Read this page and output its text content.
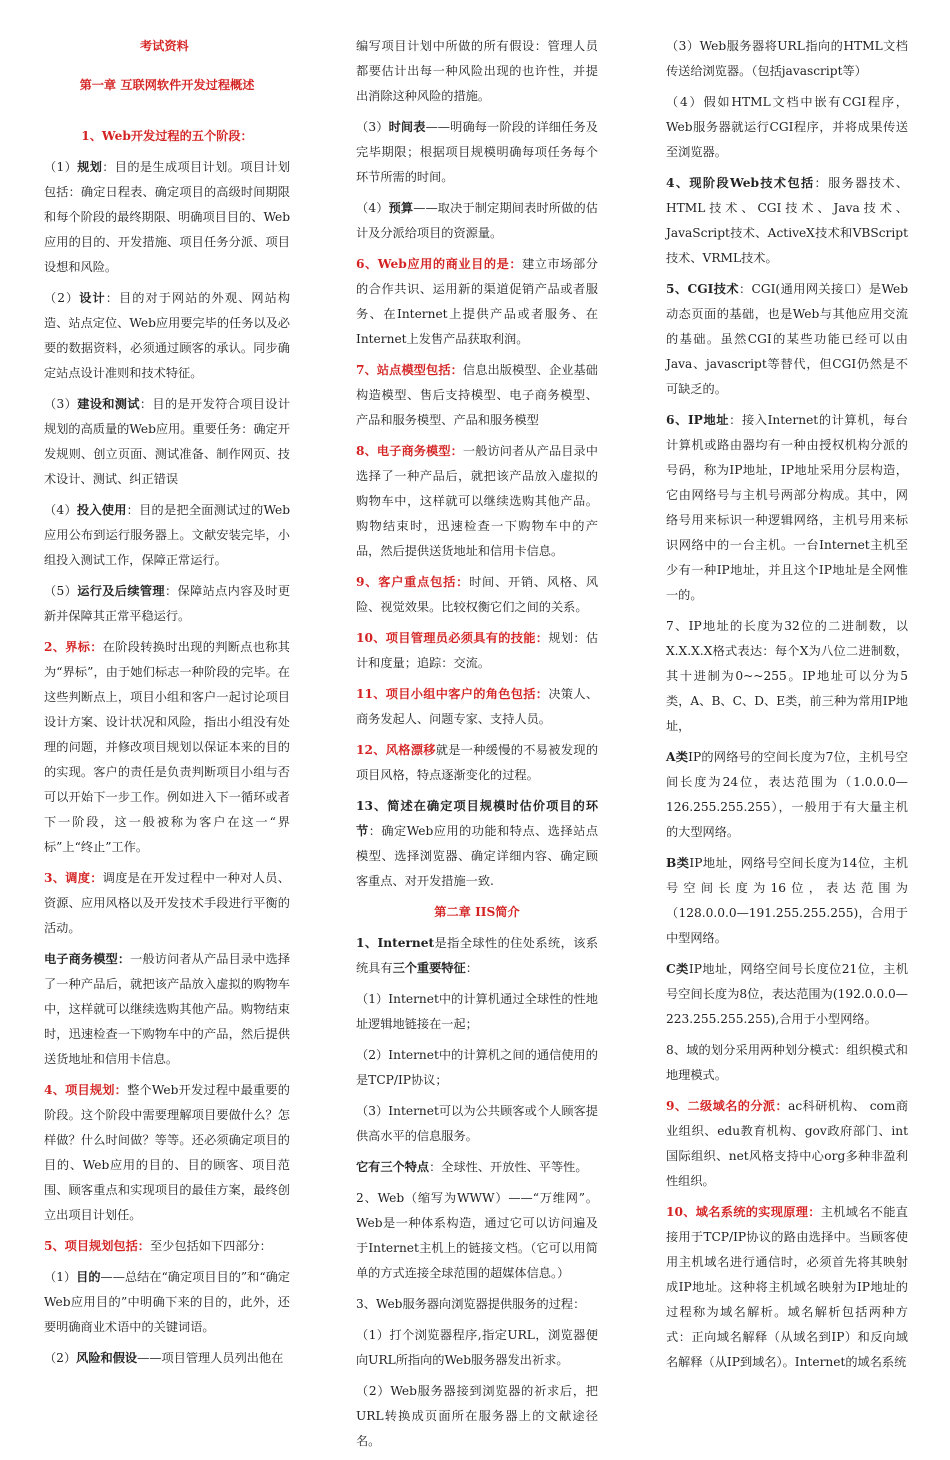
考试资料
第一章 互联网软件开发过程概述
1、Web开发过程的五个阶段：

（1）规划：目的是生成项目计划。项目计划包括：确定日程表、确定项目的高级时间期限和每个阶段的最终期限、明确项目目的、Web应用的目的、开发措施、项目任务分派、项目设想和风险。

（2）设计：目的对于网站的外观、网站构造、站点定位、Web应用要完毕的任务以及必要的数据资料，必须通过顾客的承认。同步确定站点设计准则和技术特征。

（3）建设和测试：目的是开发符合项目设计规划的高质量的Web应用。重要任务：确定开发规则、创立页面、测试准备、制作网页、技术设计、测试、纠正错误

（4）投入使用：目的是把全面测试过的Web应用公布到运行服务器上。文献安装完毕，小组投入测试工作，保障正常运行。

（5）运行及后续管理：保障站点内容及时更新并保障其正常平稳运行。

2、界标：在阶段转换时出现的判断点也称其为“界标”，由于她们标志一种阶段的完毕。在这些判断点上，项目小组和客户一起讨论项目设计方案、设计状况和风险，指出小组没有处理的问题，并修改项目规划以保证本来的目的的实现。客户的责任是负责判断项目小组与否可以开始下一步工作。例如进入下一循环或者下一阶段，这一般被称为客户在这一“界标”上“终止”工作。

3、调度：调度是在开发过程中一种对人员、资源、应用风格以及开发技术手段进行平衡的活动。

电子商务模型：一般访问者从产品目录中选择了一种产品后，就把该产品放入虚拟的购物车中，这样就可以继续选购其他产品。购物结束时，迅速检查一下购物车中的产品，然后提供送货地址和信用卡信息。

4、项目规划：整个Web开发过程中最重要的阶段。这个阶段中需要理解项目要做什么？怎样做？什么时间做？等等。还必须确定项目的目的、Web应用的目的、目的顾客、项目范围、顾客重点和实现项目的最佳方案，最终创立出项目计划任。

5、项目规划包括：至少包括如下四部分：

（1）目的——总结在“确定项目目的”和“确定Web应用目的”中明确下来的目的，此外，还要明确商业术语中的关键词语。

（2）风险和假设——项目管理人员列出他在

编写项目计划中所做的所有假设：管理人员都要估计出每一种风险出现的也许性，并提出消除这种风险的措施。

（3）时间表——明确每一阶段的详细任务及完毕期限；根据项目规模明确每项任务每个环节所需的时间。

（4）预算——取决于制定期间表时所做的估计及分派给项目的资源量。

6、Web应用的商业目的是：建立市场部分的合作共识、运用新的渠道促销产品或者服务、在Internet上提供产品或者服务、在Internet上发售产品获取利润。

7、站点模型包括：信息出版模型、企业基础构造模型、售后支持模型、电子商务模型、产品和服务模型、产品和服务模型

8、电子商务模型：一般访问者从产品目录中选择了一种产品后，就把该产品放入虚拟的购物车中，这样就可以继续选购其他产品。购物结束时，迅速检查一下购物车中的产品，然后提供送货地址和信用卡信息。

9、客户重点包括：时间、开销、风格、风险、视觉效果。比较权衡它们之间的关系。

10、项目管理员必须具有的技能：规划：估计和度量；追踪：交流。

11、项目小组中客户的角色包括：决策人、商务发起人、问题专家、支持人员。

12、风格漂移就是一种缓慢的不易被发现的项目风格，特点逐渐变化的过程。

13、简述在确定项目规模时估价项目的环节：确定Web应用的功能和特点、选择站点模型、选择浏览器、确定详细内容、确定顾客重点、对开发措施一致.

第二章 IIS简介

1、Internet是指全球性的住处系统，该系统具有三个重要特征：

（1）Internet中的计算机通过全球性的性地址逻辑地链接在一起；

（2）Internet中的计算机之间的通信使用的是TCP/IP协议；

（3）Internet可以为公共顾客或个人顾客提供高水平的信息服务。

它有三个特点：全球性、开放性、平等性。

2、Web（缩写为WWW）——“万维网”。Web是一种体系构造，通过它可以访问遍及于Internet主机上的链接文档。（它可以用简单的方式连接全球范围的超媒体信息。）

3、Web服务器向浏览器提供服务的过程：

（1）打个浏览器程序,指定URL，浏览器便向URL所指向的Web服务器发出祈求。

（2）Web服务器接到浏览器的祈求后，把URL转换成页面所在服务器上的文献途径名。

（3）Web服务器将URL指向的HTML文档传送给浏览器。（包括javascript等）

（4）假如HTML文档中嵌有CGI程序，Web服务器就运行CGI程序，并将成果传送至浏览器。

4、现阶段Web技术包括：服务器技术、HTML技术、CGI技术、Java技术、JavaScript技术、ActiveX技术和VBScript技术、VRML技术。

5、CGI技术：CGI(通用网关接口）是Web动态页面的基础，也是Web与其他应用交流的基础。虽然CGI的某些功能已经可以由Java、javascript等替代，但CGI仍然是不可缺乏的。

6、IP地址：接入Internet的计算机，每台计算机或路由器均有一种由授权机构分派的号码，称为IP地址，IP地址采用分层构造，它由网络号与主机号两部分构成。其中，网络号用来标识一种逻辑网络，主机号用来标识网络中的一台主机。一台Internet主机至少有一种IP地址，并且这个IP地址是全网惟一的。

7、IP地址的长度为32位的二进制数，以X.X.X.X格式表达：每个X为八位二进制数，其十进制为0~~255。IP地址可以分为5类，A、B、C、D、E类，前三种为常用IP地址，

A类IP的网络号的空间长度为7位，主机号空间长度为24位，表达范围为（1.0.0.0—126.255.255.255），一般用于有大量主机的大型网络。

B类IP地址，网络号空间长度为14位，主机号空间长度为16位，表达范围为（128.0.0.0—191.255.255.255)，合用于中型网络。

C类IP地址，网络空间号长度位21位，主机号空间长度为8位，表达范围为(192.0.0.0—223.255.255.255),合用于小型网络。

8、域的划分采用两种划分模式：组织模式和地理模式。

9、二级域名的分派：ac科研机构、 com商业组织、edu教育机构、gov政府部门、int国际组织、net风格支持中心org多种非盈利性组织。

10、域名系统的实现原理：主机域名不能直接用于TCP/IP协议的路由选择中。当顾客使用主机域名进行通信时，必须首先将其映射成IP地址。这种将主机域名映射为IP地址的过程称为域名解析。域名解析包括两种方式：正向域名解释（从域名到IP）和反向域名解释（从IP到域名）。Internet的域名系统
